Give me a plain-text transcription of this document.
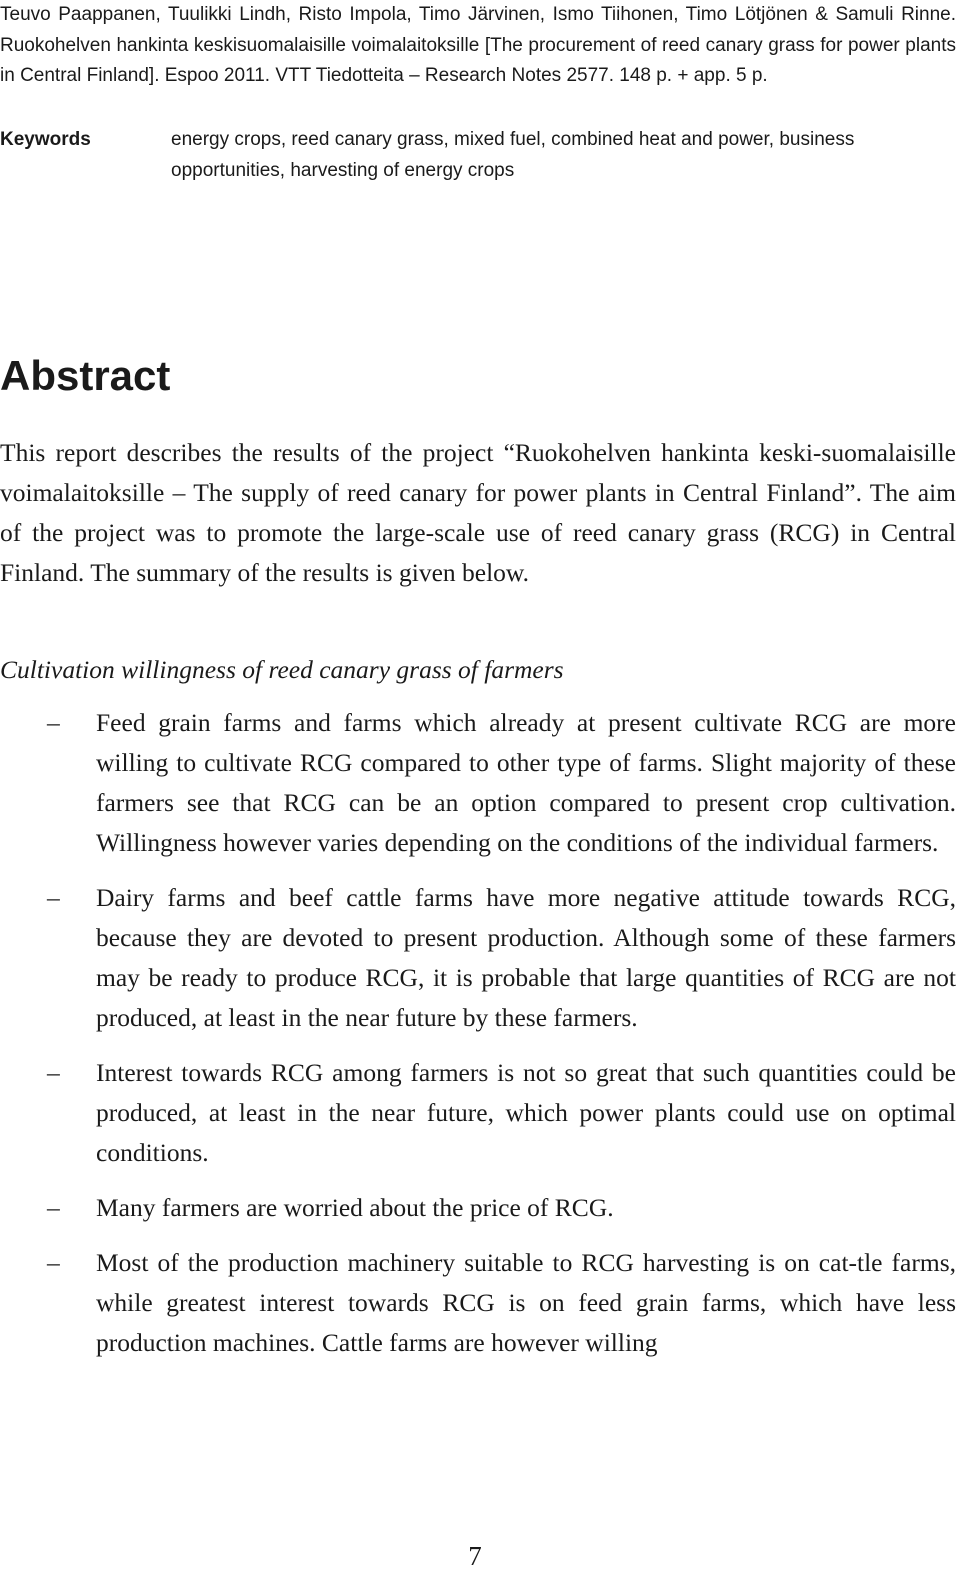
Teuvo Paappanen, Tuulikki Lindh, Risto Impola, Timo Järvinen, Ismo Tiihonen, Timo Lötjönen & Samuli Rinne. Ruokohelven hankinta keskisuomalaisille voimalaitoksille [The procurement of reed canary grass for power plants in Central Finland]. Espoo 2011. VTT Tiedotteita – Research Notes 2577. 148 p. + app. 5 p.
Keywords	energy crops, reed canary grass, mixed fuel, combined heat and power, business opportunities, harvesting of energy crops
Abstract

This report describes the results of the project “Ruokohelven hankinta keski-suomalaisille voimalaitoksille – The supply of reed canary for power plants in Central Finland”. The aim of the project was to promote the large-scale use of reed canary grass (RCG) in Central Finland. The summary of the results is given below.

Cultivation willingness of reed canary grass of farmers

– Feed grain farms and farms which already at present cultivate RCG are more willing to cultivate RCG compared to other type of farms. Slight majority of these farmers see that RCG can be an option compared to present crop cultivation. Willingness however varies depending on the conditions of the individual farmers.
– Dairy farms and beef cattle farms have more negative attitude towards RCG, because they are devoted to present production. Although some of these farmers may be ready to produce RCG, it is probable that large quantities of RCG are not produced, at least in the near future by these farmers.
– Interest towards RCG among farmers is not so great that such quantities could be produced, at least in the near future, which power plants could use on optimal conditions.
– Many farmers are worried about the price of RCG.
– Most of the production machinery suitable to RCG harvesting is on cat-tle farms, while greatest interest towards RCG is on feed grain farms, which have less production machines. Cattle farms are however willing
7
